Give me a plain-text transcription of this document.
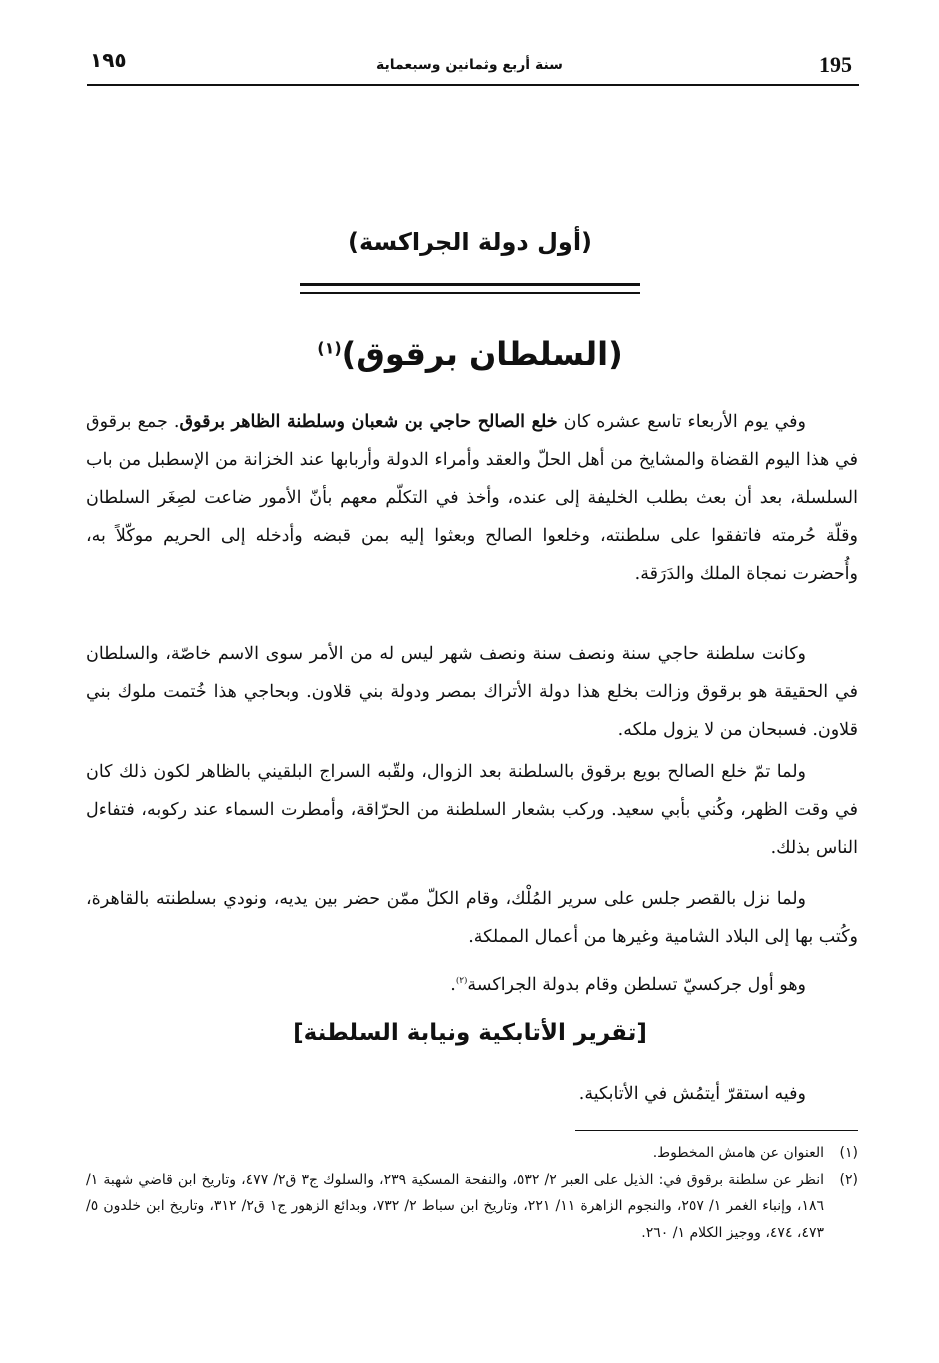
195
سنة أربع وثمانين وسبعماية
١٩٥
(أول دولة الجراكسة)
(السلطان برقوق)$^{(١)}$

وفي يوم الأربعاء تاسع عشره كان خلع الصالح حاجي بن شعبان وسلطنة الظاهر برقوق. جمع برقوق في هذا اليوم القضاة والمشايخ من أهل الحلّ والعقد وأمراء الدولة وأربابها عند الخزانة من الإسطبل من باب السلسلة، بعد أن بعث بطلب الخليفة إلى عنده، وأخذ في التكلّم معهم بأنّ الأمور ضاعت لصِغَر السلطان وقلّة حُرمته فاتفقوا على سلطنته، وخلعوا الصالح وبعثوا إليه بمن قبضه وأدخله إلى الحريم موكّلاً به، وأُحضرت نمجاة الملك والدَرَقة.

وكانت سلطنة حاجي سنة ونصف سنة ونصف شهر ليس له من الأمر سوى الاسم خاصّة، والسلطان في الحقيقة هو برقوق وزالت بخلع هذا دولة الأتراك بمصر ودولة بني قلاون. وبحاجي هذا خُتمت ملوك بني قلاون. فسبحان من لا يزول ملكه.

ولما تمّ خلع الصالح بويع برقوق بالسلطنة بعد الزوال، ولقّبه السراج البلقيني بالظاهر لكون ذلك كان في وقت الظهر، وكُني بأبي سعيد. وركب بشعار السلطنة من الحرّاقة، وأمطرت السماء عند ركوبه، فتفاءل الناس بذلك.

ولما نزل بالقصر جلس على سرير المُلْك، وقام الكلّ ممّن حضر بين يديه، ونودي بسلطنته بالقاهرة، وكُتب بها إلى البلاد الشامية وغيرها من أعمال المملكة.

وهو أول جركسيّ تسلطن وقام بدولة الجراكسة$^{(٢)}$.

[تقرير الأتابكية ونيابة السلطنة]

وفيه استقرّ أيتمُش في الأتابكية.

(١)
العنوان عن هامش المخطوط.
(٢)
انظر عن سلطنة برقوق في: الذيل على العبر ٢/ ٥٣٢، والنفحة المسكية ٢٣٩، والسلوك ج٣ ق٢/ ٤٧٧، وتاريخ ابن قاضي شهبة ١/ ١٨٦، وإنباء الغمر ١/ ٢٥٧، والنجوم الزاهرة ١١/ ٢٢١، وتاريخ ابن سباط ٢/ ٧٣٢، وبدائع الزهور ج١ ق٢/ ٣١٢، وتاريخ ابن خلدون ٥/ ٤٧٣، ٤٧٤، ووجيز الكلام ١/ ٢٦٠.
